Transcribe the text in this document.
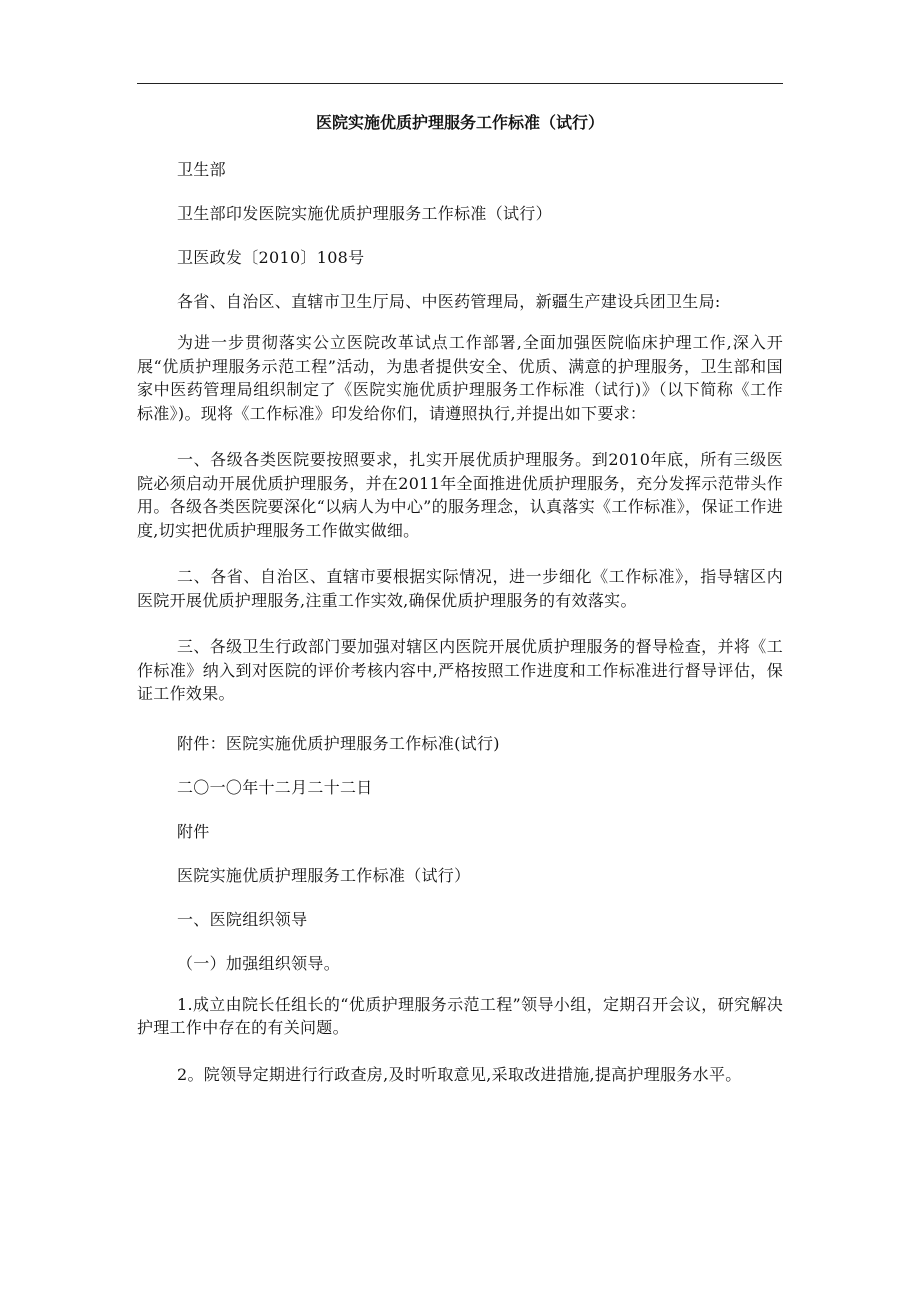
医院实施优质护理服务工作标准（试行）

卫生部

卫生部印发医院实施优质护理服务工作标准（试行）

卫医政发〔2010〕108号

各省、自治区、直辖市卫生厅局、中医药管理局，新疆生产建设兵团卫生局:

为进一步贯彻落实公立医院改革试点工作部署,全面加强医院临床护理工作,深入开展“优质护理服务示范工程”活动，为患者提供安全、优质、满意的护理服务，卫生部和国家中医药管理局组织制定了《医院实施优质护理服务工作标准（试行)》（以下简称《工作标准》)。现将《工作标准》印发给你们，请遵照执行,并提出如下要求：

一、各级各类医院要按照要求，扎实开展优质护理服务。到2010年底，所有三级医院必须启动开展优质护理服务，并在2011年全面推进优质护理服务，充分发挥示范带头作用。各级各类医院要深化“以病人为中心”的服务理念，认真落实《工作标准》，保证工作进度,切实把优质护理服务工作做实做细。

二、各省、自治区、直辖市要根据实际情况，进一步细化《工作标准》，指导辖区内医院开展优质护理服务,注重工作实效,确保优质护理服务的有效落实。

三、各级卫生行政部门要加强对辖区内医院开展优质护理服务的督导检查，并将《工作标准》纳入到对医院的评价考核内容中,严格按照工作进度和工作标准进行督导评估，保证工作效果。

附件：医院实施优质护理服务工作标准(试行)

二〇一〇年十二月二十二日

附件

医院实施优质护理服务工作标准（试行）

一、医院组织领导

（一）加强组织领导。

1.成立由院长任组长的“优质护理服务示范工程”领导小组，定期召开会议，研究解决护理工作中存在的有关问题。

2。院领导定期进行行政查房,及时听取意见,采取改进措施,提高护理服务水平。
